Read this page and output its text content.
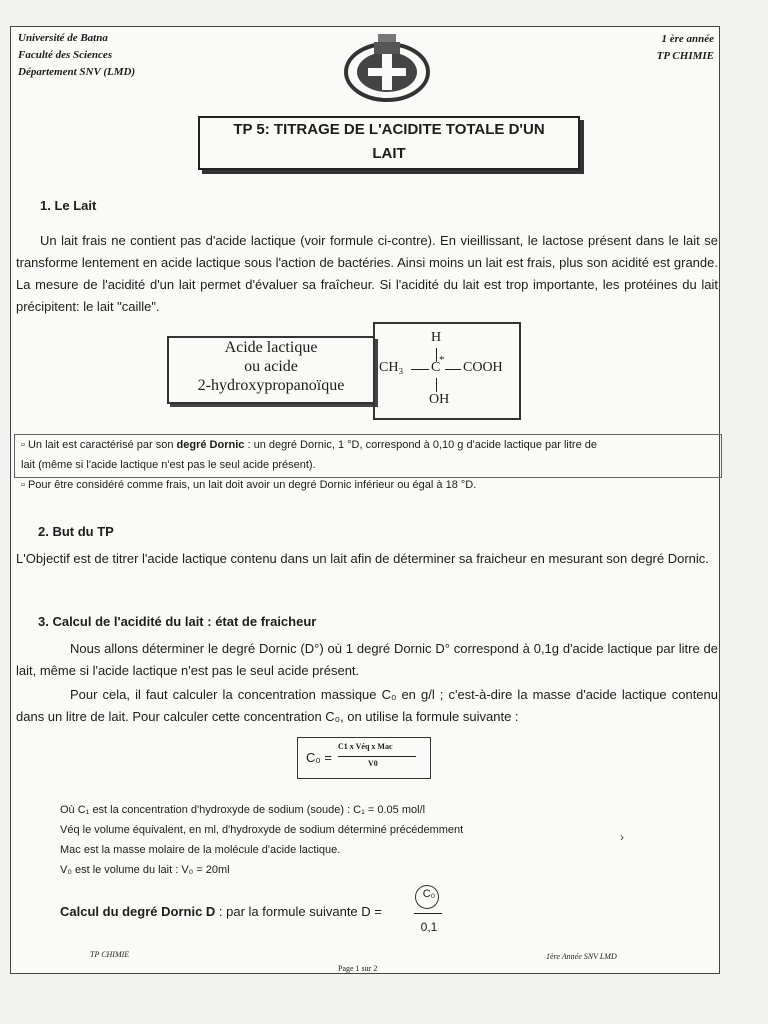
Université de Batna
Faculté des Sciences
Département SNV (LMD)
1 ère année
TP CHIMIE
TP 5: TITRAGE DE L'ACIDITE TOTALE D'UN
LAIT
1. Le Lait

Un lait frais ne contient pas d'acide lactique (voir formule ci-contre). En vieillissant, le lactose présent dans le lait se transforme lentement en acide lactique sous l'action de bactéries. Ainsi moins un lait est frais, plus son acidité est grande. La mesure de l'acidité d'un lait permet d'évaluer sa fraîcheur. Si l'acidité du lait est trop importante, les protéines du lait précipitent: le lait "caille".

Acide lactique
ou acide
2-hydroxypropanoïque
H
*
CH₃ C COOH
OH
▫ Un lait est caractérisé par son degré Dornic : un degré Dornic, 1 °D, correspond à 0,10 g d'acide lactique par litre de
lait (même si l'acide lactique n'est pas le seul acide présent).
▫ Pour être considéré comme frais, un lait doit avoir un degré Dornic inférieur ou égal à 18 °D.
2. But du TP

L'Objectif est de titrer l'acide lactique contenu dans un lait afin de déterminer sa fraicheur en mesurant son degré Dornic.

3. Calcul de l'acidité du lait : état de fraicheur

Nous allons déterminer le degré Dornic (D°) où 1 degré Dornic D° correspond à 0,1g d'acide lactique par litre de lait, même si l'acide lactique n'est pas le seul acide présent.

Pour cela, il faut calculer la concentration massique C₀ en g/l ; c'est-à-dire la masse d'acide lactique contenu dans un litre de lait. Pour calculer cette concentration C₀, on utilise la formule suivante :

C₀ =
C1 x Véq x Mac
V0
Où C₁ est la concentration d'hydroxyde de sodium (soude) : C₁ = 0.05 mol/l
Véq le volume équivalent, en ml, d'hydroxyde de sodium déterminé précédemment
Mac est la masse molaire de la molécule d'acide lactique.
V₀ est le volume du lait : V₀ = 20ml
Calcul du degré Dornic D : par la formule suivante D =
C₀
0,1
TP CHIMIE
Page 1 sur 2
1ère Année SNV LMD
›
